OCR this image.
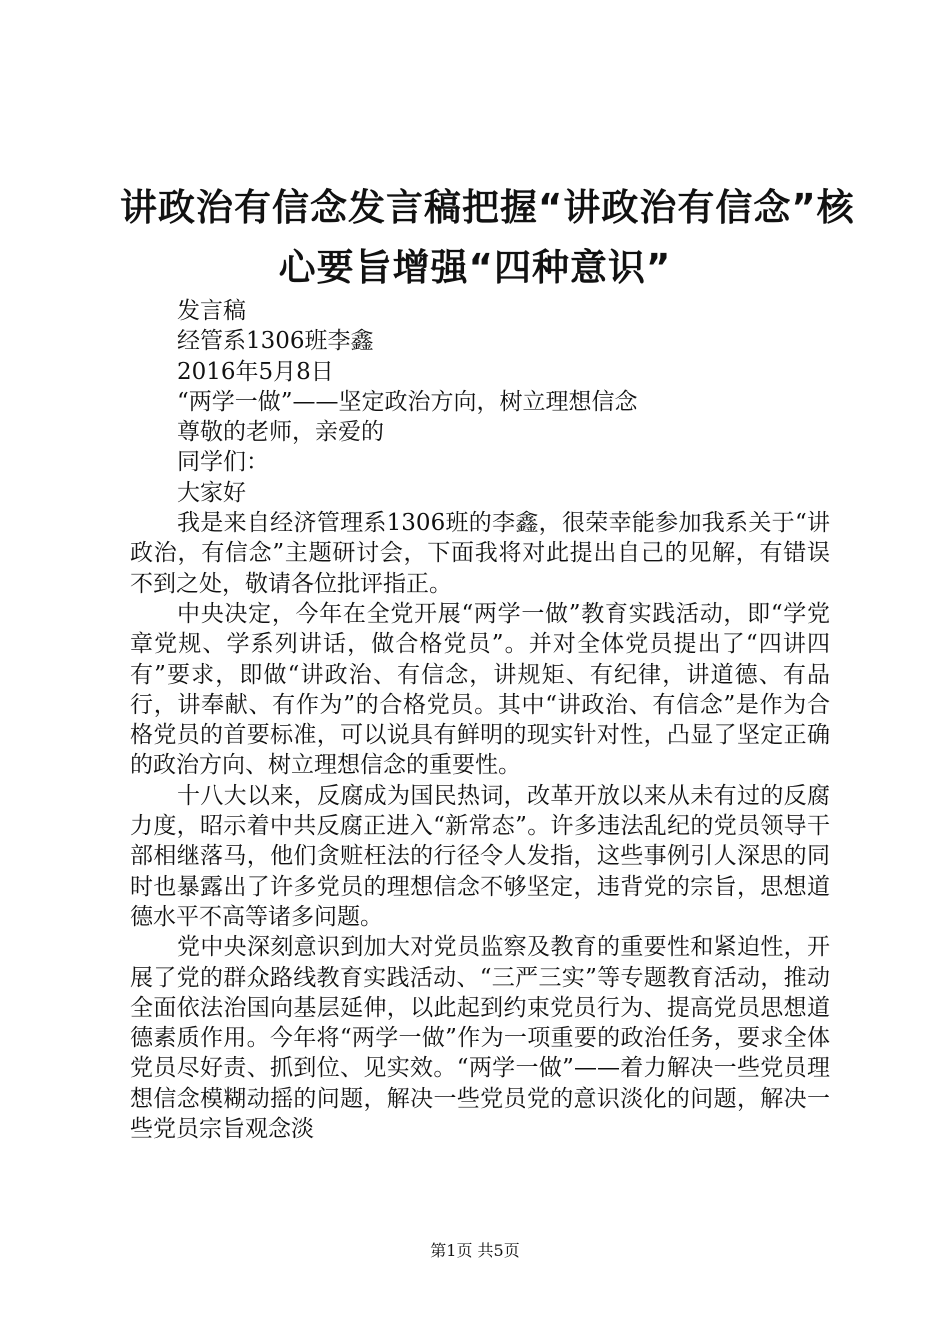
讲政治有信念发言稿把握“讲政治有信念”核
心要旨增强“四种意识”
发言稿
经管系1306班李鑫
2016年5月8日
“两学一做”——坚定政治方向，树立理想信念
尊敬的老师，亲爱的
同学们：
大家好

我是来自经济管理系1306班的李鑫，很荣幸能参加我系关于“讲政治，有信念”主题研讨会，下面我将对此提出自己的见解，有错误不到之处，敬请各位批评指正。

中央决定，今年在全党开展“两学一做”教育实践活动，即“学党章党规、学系列讲话，做合格党员”。并对全体党员提出了“四讲四有”要求，即做“讲政治、有信念，讲规矩、有纪律，讲道德、有品行，讲奉献、有作为”的合格党员。其中“讲政治、有信念”是作为合格党员的首要标准，可以说具有鲜明的现实针对性，凸显了坚定正确的政治方向、树立理想信念的重要性。

十八大以来，反腐成为国民热词，改革开放以来从未有过的反腐力度，昭示着中共反腐正进入“新常态”。许多违法乱纪的党员领导干部相继落马，他们贪赃枉法的行径令人发指，这些事例引人深思的同时也暴露出了许多党员的理想信念不够坚定，违背党的宗旨，思想道德水平不高等诸多问题。

党中央深刻意识到加大对党员监察及教育的重要性和紧迫性，开展了党的群众路线教育实践活动、“三严三实”等专题教育活动，推动全面依法治国向基层延伸，以此起到约束党员行为、提高党员思想道德素质作用。今年将“两学一做”作为一项重要的政治任务，要求全体党员尽好责、抓到位、见实效。“两学一做”——着力解决一些党员理想信念模糊动摇的问题，解决一些党员党的意识淡化的问题，解决一些党员宗旨观念淡

第1页 共5页
